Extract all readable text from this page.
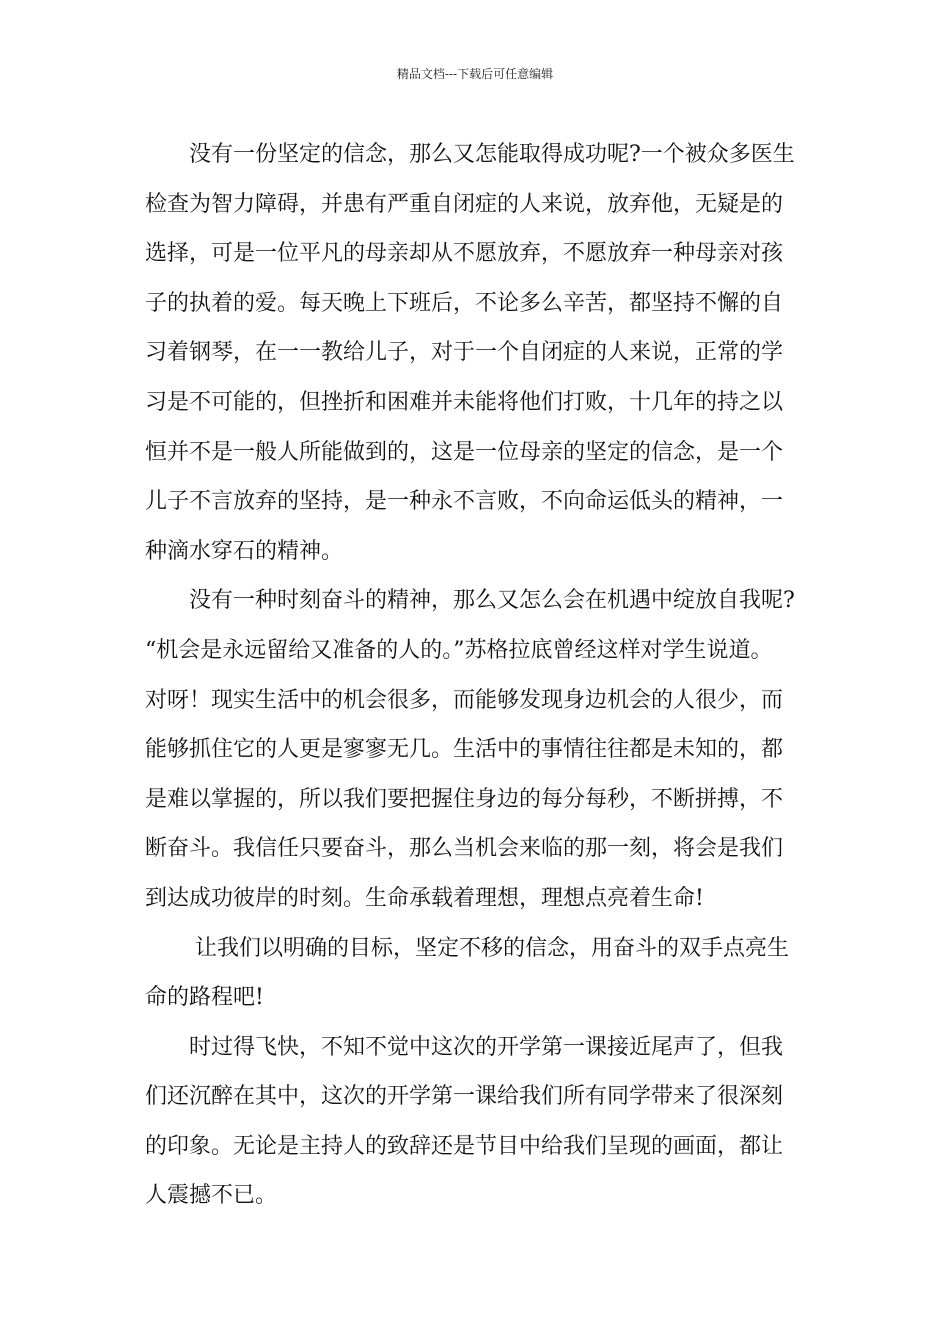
精品文档---下载后可任意编辑
没有一份坚定的信念，那么又怎能取得成功呢?一个被众多医生
检查为智力障碍，并患有严重自闭症的人来说，放弃他，无疑是的
选择，可是一位平凡的母亲却从不愿放弃，不愿放弃一种母亲对孩
子的执着的爱。每天晚上下班后，不论多么辛苦，都坚持不懈的自
习着钢琴，在一一教给儿子，对于一个自闭症的人来说，正常的学
习是不可能的，但挫折和困难并未能将他们打败，十几年的持之以
恒并不是一般人所能做到的，这是一位母亲的坚定的信念，是一个
儿子不言放弃的坚持，是一种永不言败，不向命运低头的精神，一
种滴水穿石的精神。
没有一种时刻奋斗的精神，那么又怎么会在机遇中绽放自我呢?
“机会是永远留给又准备的人的。”苏格拉底曾经这样对学生说道。
对呀！现实生活中的机会很多，而能够发现身边机会的人很少，而
能够抓住它的人更是寥寥无几。生活中的事情往往都是未知的，都
是难以掌握的，所以我们要把握住身边的每分每秒，不断拼搏，不
断奋斗。我信任只要奋斗，那么当机会来临的那一刻，将会是我们
到达成功彼岸的时刻。生命承载着理想，理想点亮着生命!
让我们以明确的目标，坚定不移的信念，用奋斗的双手点亮生
命的路程吧!
时过得飞快，不知不觉中这次的开学第一课接近尾声了，但我
们还沉醉在其中，这次的开学第一课给我们所有同学带来了很深刻
的印象。无论是主持人的致辞还是节目中给我们呈现的画面，都让
人震撼不已。
